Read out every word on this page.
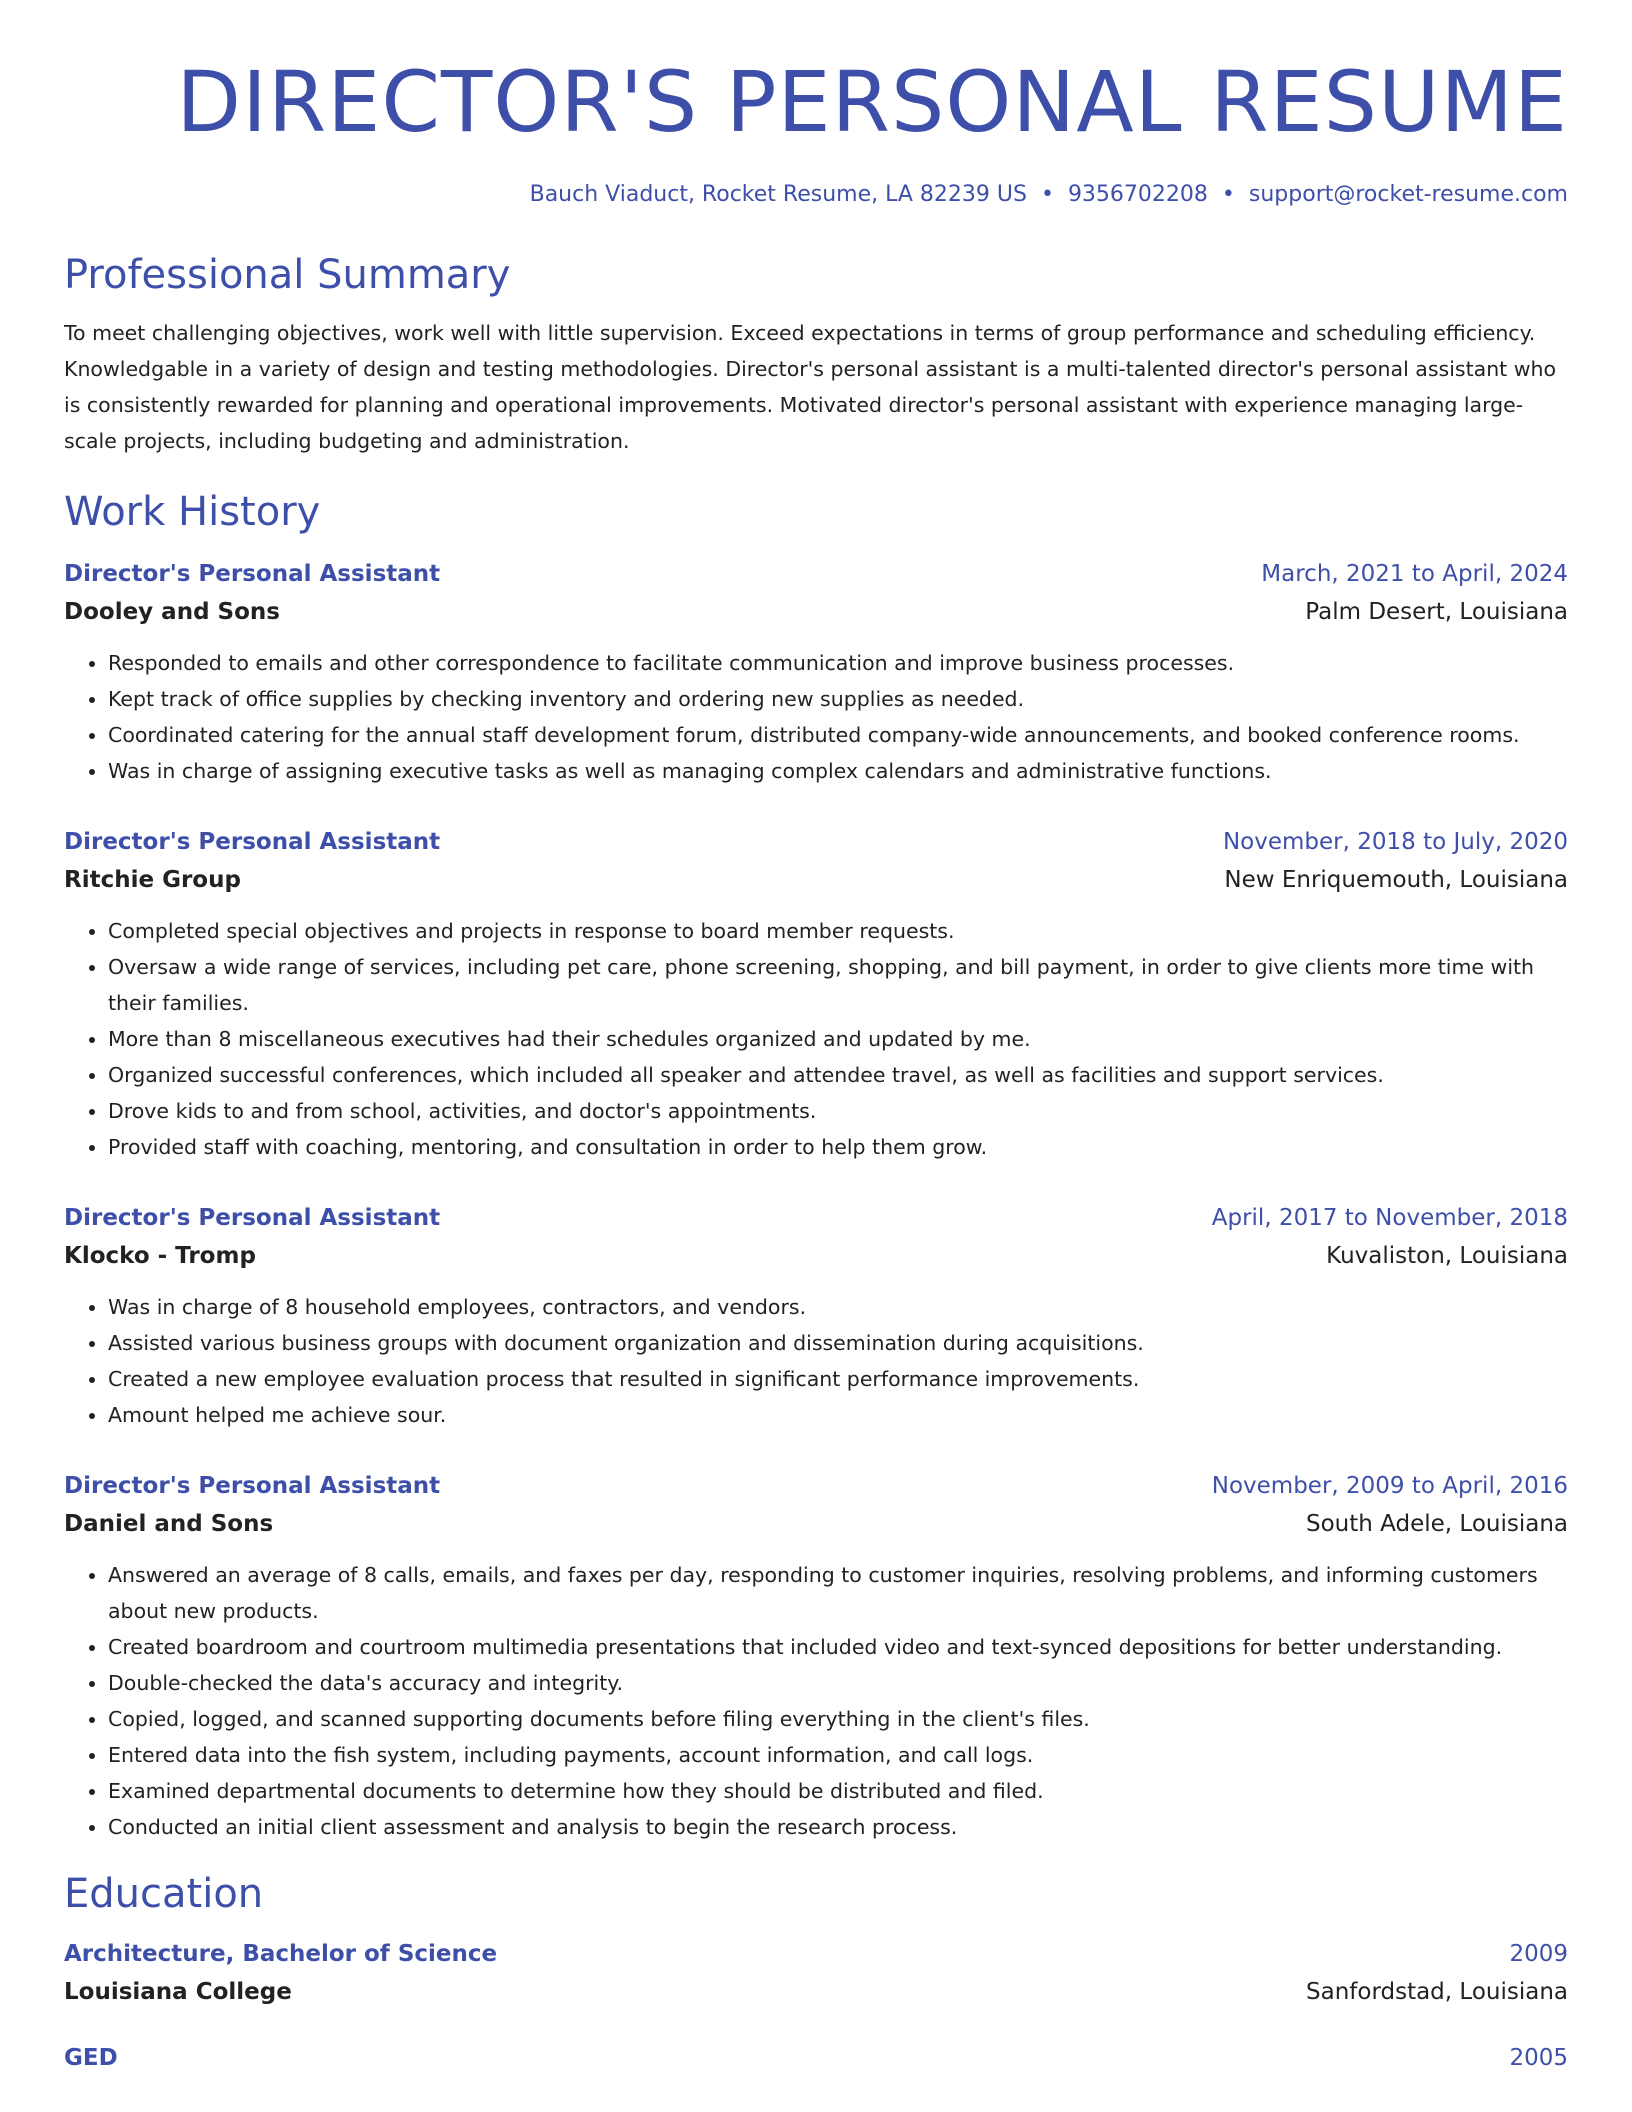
DIRECTOR'S PERSONAL RESUME
Bauch Viaduct, Rocket Resume, LA 82239 US • 9356702208 • support@rocket-resume.com
Professional Summary

To meet challenging objectives, work well with little supervision. Exceed expectations in terms of group performance and scheduling efficiency. Knowledgable in a variety of design and testing methodologies. Director's personal assistant is a multi-talented director's personal assistant who is consistently rewarded for planning and operational improvements. Motivated director's personal assistant with experience managing large-scale projects, including budgeting and administration.

Work History
Director's Personal Assistant	March, 2021 to April, 2024
Dooley and Sons	Palm Desert, Louisiana
• Responded to emails and other correspondence to facilitate communication and improve business processes.
• Kept track of office supplies by checking inventory and ordering new supplies as needed.
• Coordinated catering for the annual staff development forum, distributed company-wide announcements, and booked conference rooms.
• Was in charge of assigning executive tasks as well as managing complex calendars and administrative functions.
Director's Personal Assistant	November, 2018 to July, 2020
Ritchie Group	New Enriquemouth, Louisiana
• Completed special objectives and projects in response to board member requests.
• Oversaw a wide range of services, including pet care, phone screening, shopping, and bill payment, in order to give clients more time with their families.
• More than 8 miscellaneous executives had their schedules organized and updated by me.
• Organized successful conferences, which included all speaker and attendee travel, as well as facilities and support services.
• Drove kids to and from school, activities, and doctor's appointments.
• Provided staff with coaching, mentoring, and consultation in order to help them grow.
Director's Personal Assistant	April, 2017 to November, 2018
Klocko - Tromp	Kuvaliston, Louisiana
• Was in charge of 8 household employees, contractors, and vendors.
• Assisted various business groups with document organization and dissemination during acquisitions.
• Created a new employee evaluation process that resulted in significant performance improvements.
• Amount helped me achieve sour.
Director's Personal Assistant	November, 2009 to April, 2016
Daniel and Sons	South Adele, Louisiana
• Answered an average of 8 calls, emails, and faxes per day, responding to customer inquiries, resolving problems, and informing customers about new products.
• Created boardroom and courtroom multimedia presentations that included video and text-synced depositions for better understanding.
• Double-checked the data's accuracy and integrity.
• Copied, logged, and scanned supporting documents before filing everything in the client's files.
• Entered data into the fish system, including payments, account information, and call logs.
• Examined departmental documents to determine how they should be distributed and filed.
• Conducted an initial client assessment and analysis to begin the research process.
Education
Architecture, Bachelor of Science	2009
Louisiana College	Sanfordstad, Louisiana
GED	2005
